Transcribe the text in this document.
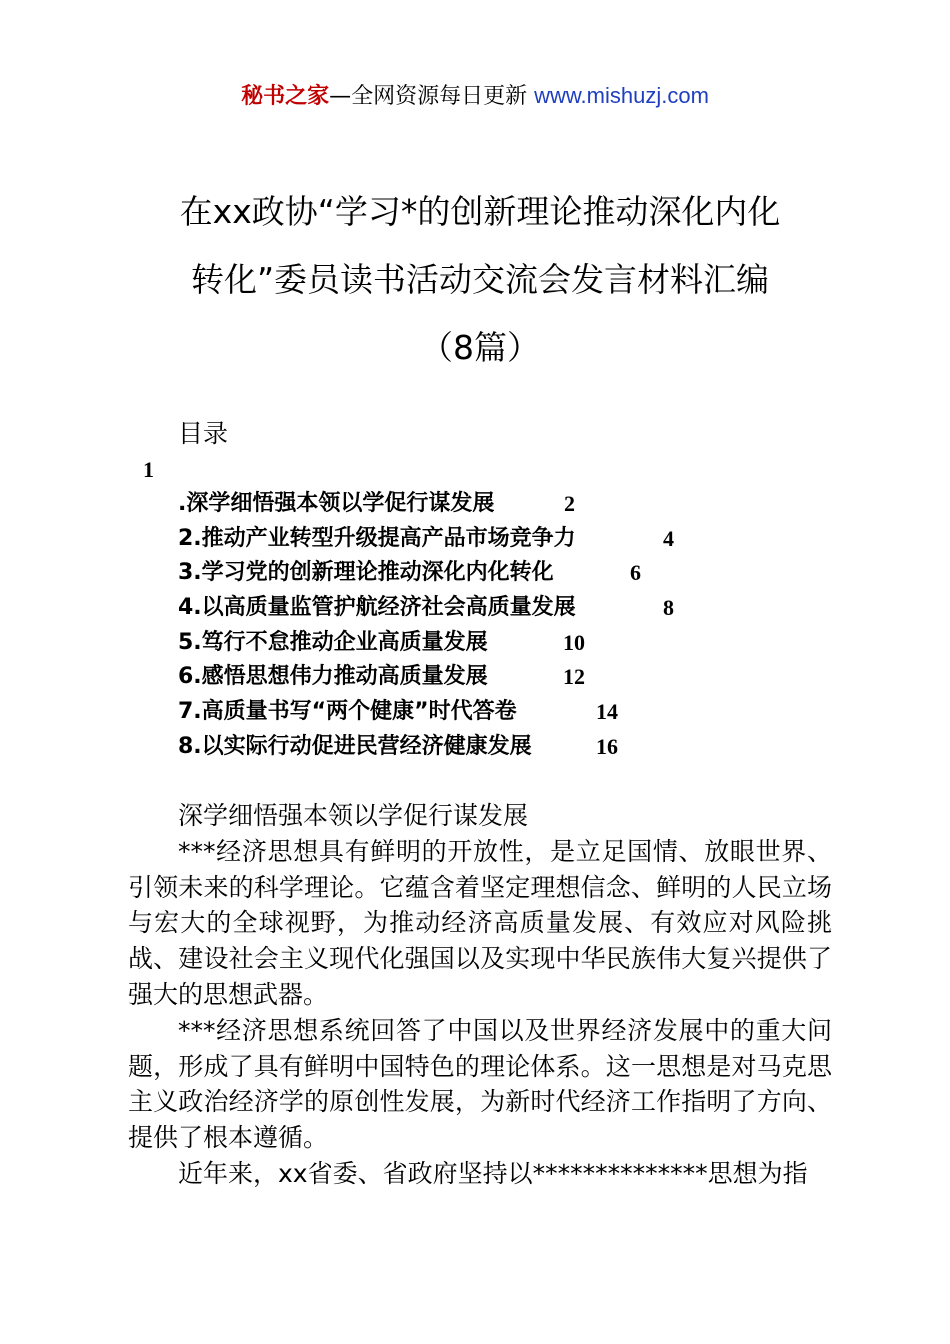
秘书之家—全网资源每日更新 www.mishuzj.com
在xx政协“学习*的创新理论推动深化内化
转化”委员读书活动交流会发言材料汇编
（8篇）
目录
1
.深学细悟强本领以学促行谋发展	2
2.推动产业转型升级提高产品市场竞争力	4
3.学习党的创新理论推动深化内化转化	6
4.以高质量监管护航经济社会高质量发展	8
5.笃行不怠推动企业高质量发展	10
6.感悟思想伟力推动高质量发展	12
7.高质量书写“两个健康”时代答卷	14
8.以实际行动促进民营经济健康发展	16

深学细悟强本领以学促行谋发展

***经济思想具有鲜明的开放性，是立足国情、放眼世界、引领未来的科学理论。它蕴含着坚定理想信念、鲜明的人民立场与宏大的全球视野，为推动经济高质量发展、有效应对风险挑战、建设社会主义现代化强国以及实现中华民族伟大复兴提供了强大的思想武器。

***经济思想系统回答了中国以及世界经济发展中的重大问题，形成了具有鲜明中国特色的理论体系。这一思想是对马克思主义政治经济学的原创性发展，为新时代经济工作指明了方向、提供了根本遵循。

近年来，xx省委、省政府坚持以**************思想为指
